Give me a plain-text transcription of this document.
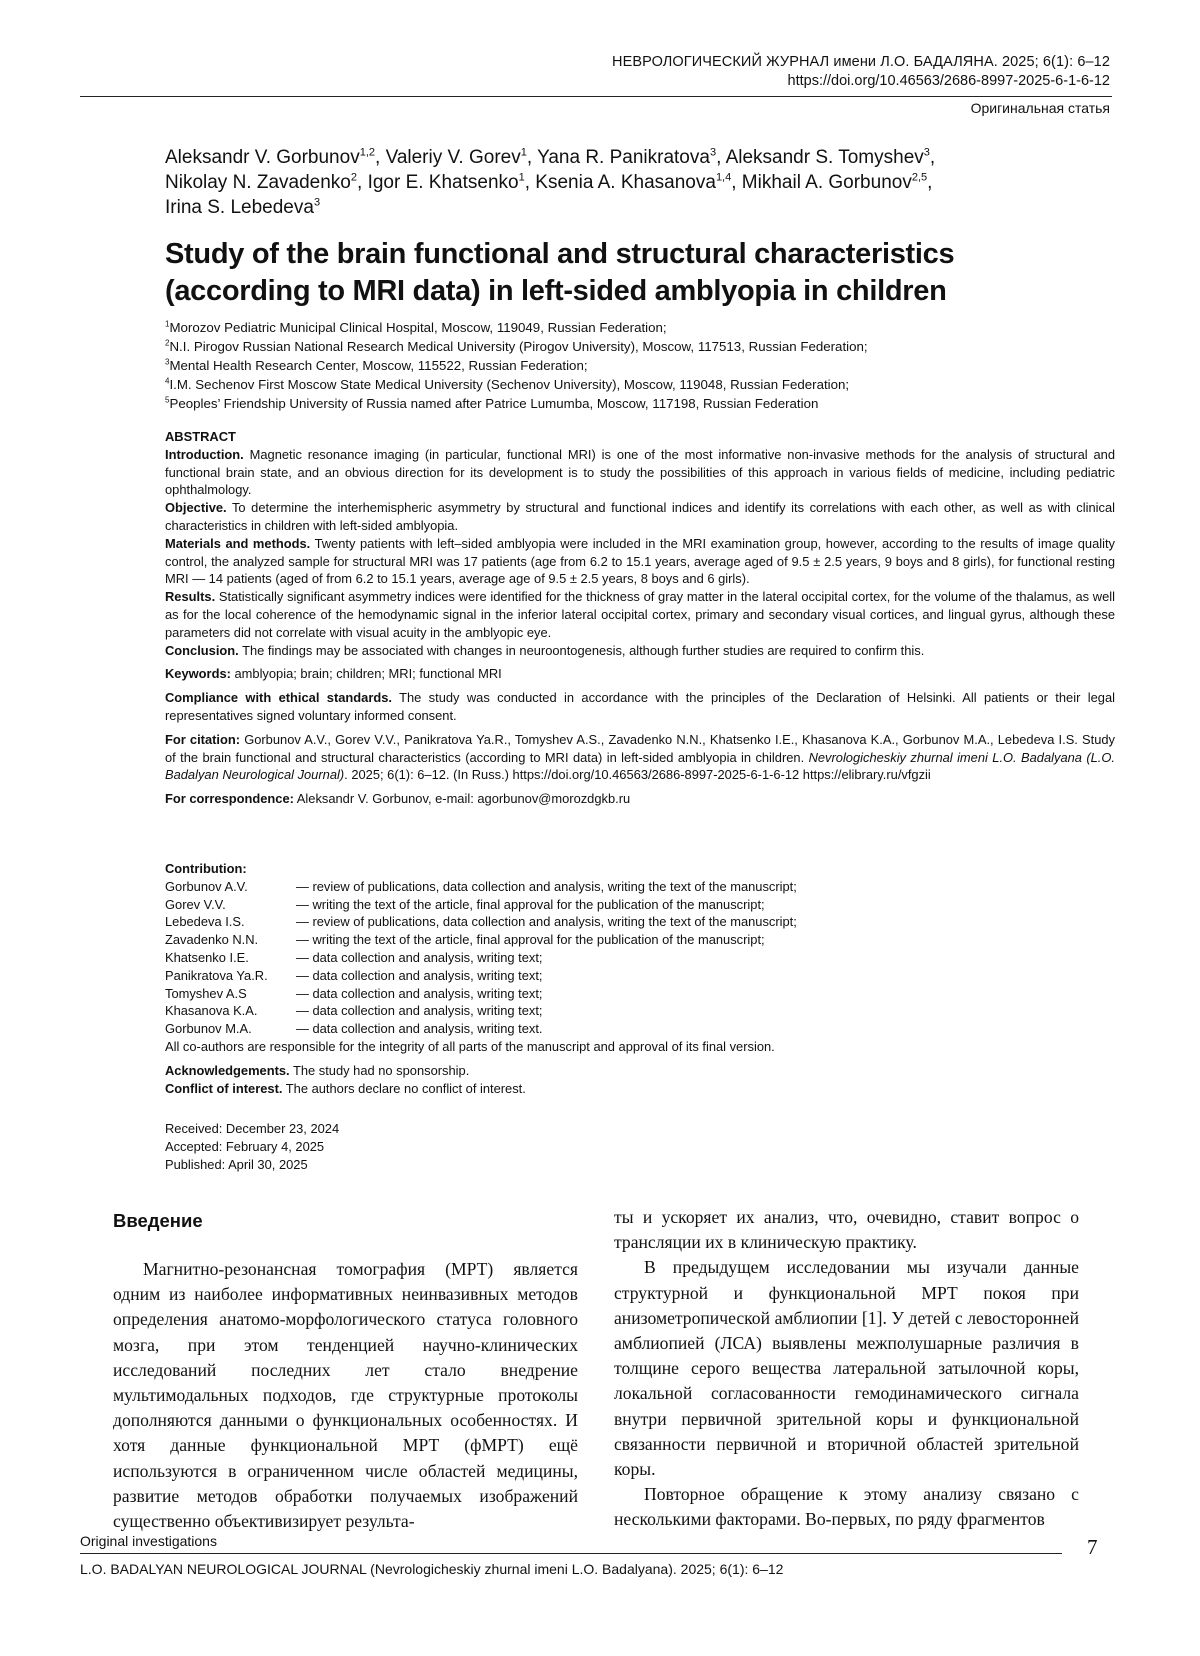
НЕВРОЛОГИЧЕСКИЙ ЖУРНАЛ имени Л.О. БАДАЛЯНА. 2025; 6(1): 6–12
https://doi.org/10.46563/2686-8997-2025-6-1-6-12
Оригинальная статья
Aleksandr V. Gorbunov$^{1,2}$, Valeriy V. Gorev$^1$, Yana R. Panikratova$^3$, Aleksandr S. Tomyshev$^3$,
Nikolay N. Zavadenko$^2$, Igor E. Khatsenko$^1$, Ksenia A. Khasanova$^{1,4}$, Mikhail A. Gorbunov$^{2,5}$,
Irina S. Lebedeva$^3$
Study of the brain functional and structural characteristics (according to MRI data) in left-sided amblyopia in children
$^1$Morozov Pediatric Municipal Clinical Hospital, Moscow, 119049, Russian Federation;
$^2$N.I. Pirogov Russian National Research Medical University (Pirogov University), Moscow, 117513, Russian Federation;
$^3$Mental Health Research Center, Moscow, 115522, Russian Federation;
$^4$I.M. Sechenov First Moscow State Medical University (Sechenov University), Moscow, 119048, Russian Federation;
$^5$Peoples’ Friendship University of Russia named after Patrice Lumumba, Moscow, 117198, Russian Federation

ABSTRACT

Introduction. Magnetic resonance imaging (in particular, functional MRI) is one of the most informative non-invasive methods for the analysis of structural and functional brain state, and an obvious direction for its development is to study the possibilities of this approach in various fields of medicine, including pediatric ophthalmology.

Objective. To determine the interhemispheric asymmetry by structural and functional indices and identify its correlations with each other, as well as with clinical characteristics in children with left-sided amblyopia.

Materials and methods. Twenty patients with left–sided amblyopia were included in the MRI examination group, however, according to the results of image quality control, the analyzed sample for structural MRI was 17 patients (age from 6.2 to 15.1 years, average aged of 9.5 ± 2.5 years, 9 boys and 8 girls), for functional resting MRI — 14 patients (aged of from 6.2 to 15.1 years, average age of 9.5 ± 2.5 years, 8 boys and 6 girls).

Results. Statistically significant asymmetry indices were identified for the thickness of gray matter in the lateral occipital cortex, for the volume of the thalamus, as well as for the local coherence of the hemodynamic signal in the inferior lateral occipital cortex, primary and secondary visual cortices, and lingual gyrus, although these parameters did not correlate with visual acuity in the amblyopic eye.

Conclusion. The findings may be associated with changes in neuroontogenesis, although further studies are required to confirm this.

Keywords: amblyopia; brain; children; MRI; functional MRI

Compliance with ethical standards. The study was conducted in accordance with the principles of the Declaration of Helsinki. All patients or their legal representatives signed voluntary informed consent.

For citation: Gorbunov A.V., Gorev V.V., Panikratova Ya.R., Tomyshev A.S., Zavadenko N.N., Khatsenko I.E., Khasanova K.A., Gorbunov M.A., Lebedeva I.S. Study of the brain functional and structural characteristics (according to MRI data) in left-sided amblyopia in children. Nevrologicheskiy zhurnal imeni L.O. Badalyana (L.O. Badalyan Neurological Journal). 2025; 6(1): 6–12. (In Russ.) https://doi.org/10.46563/2686-8997-2025-6-1-6-12 https://elibrary.ru/vfgzii

For correspondence: Aleksandr V. Gorbunov, e-mail: agorbunov@morozdgkb.ru

Contribution:
Gorbunov A.V.	— review of publications, data collection and analysis, writing the text of the manuscript;
Gorev V.V.	— writing the text of the article, final approval for the publication of the manuscript;
Lebedeva I.S.	— review of publications, data collection and analysis, writing the text of the manuscript;
Zavadenko N.N.	— writing the text of the article, final approval for the publication of the manuscript;
Khatsenko I.E.	— data collection and analysis, writing text;
Panikratova Ya.R.	— data collection and analysis, writing text;
Tomyshev A.S	— data collection and analysis, writing text;
Khasanova K.A.	— data collection and analysis, writing text;
Gorbunov M.A.	— data collection and analysis, writing text.
All co-authors are responsible for the integrity of all parts of the manuscript and approval of its final version.
Acknowledgements. The study had no sponsorship.
Conflict of interest. The authors declare no conflict of interest.
Received: December 23, 2024
Accepted: February 4, 2025
Published: April 30, 2025
Введение

Магнитно-резонансная томография (МРТ) является одним из наиболее информативных неинвазивных методов определения анатомо-морфологического статуса головного мозга, при этом тенденцией научно-клинических исследований последних лет стало внедрение мультимодальных подходов, где структурные протоколы дополняются данными о функциональных особенностях. И хотя данные функциональной МРТ (фМРТ) ещё используются в ограниченном числе областей медицины, развитие методов обработки получаемых изображений существенно объективизирует результа-

ты и ускоряет их анализ, что, очевидно, ставит вопрос о трансляции их в клиническую практику.

В предыдущем исследовании мы изучали данные структурной и функциональной МРТ покоя при анизометропической амблиопии [1]. У детей с левосторонней амблиопией (ЛСА) выявлены межполушарные различия в толщине серого вещества латеральной затылочной коры, локальной согласованности гемодинамического сигнала внутри первичной зрительной коры и функциональной связанности первичной и вторичной областей зрительной коры.

Повторное обращение к этому анализу связано с несколькими факторами. Во-первых, по ряду фрагментов

Original investigations
L.O. BADALYAN NEUROLOGICAL JOURNAL (Nevrologicheskiy zhurnal imeni L.O. Badalyana). 2025; 6(1): 6–12
7
